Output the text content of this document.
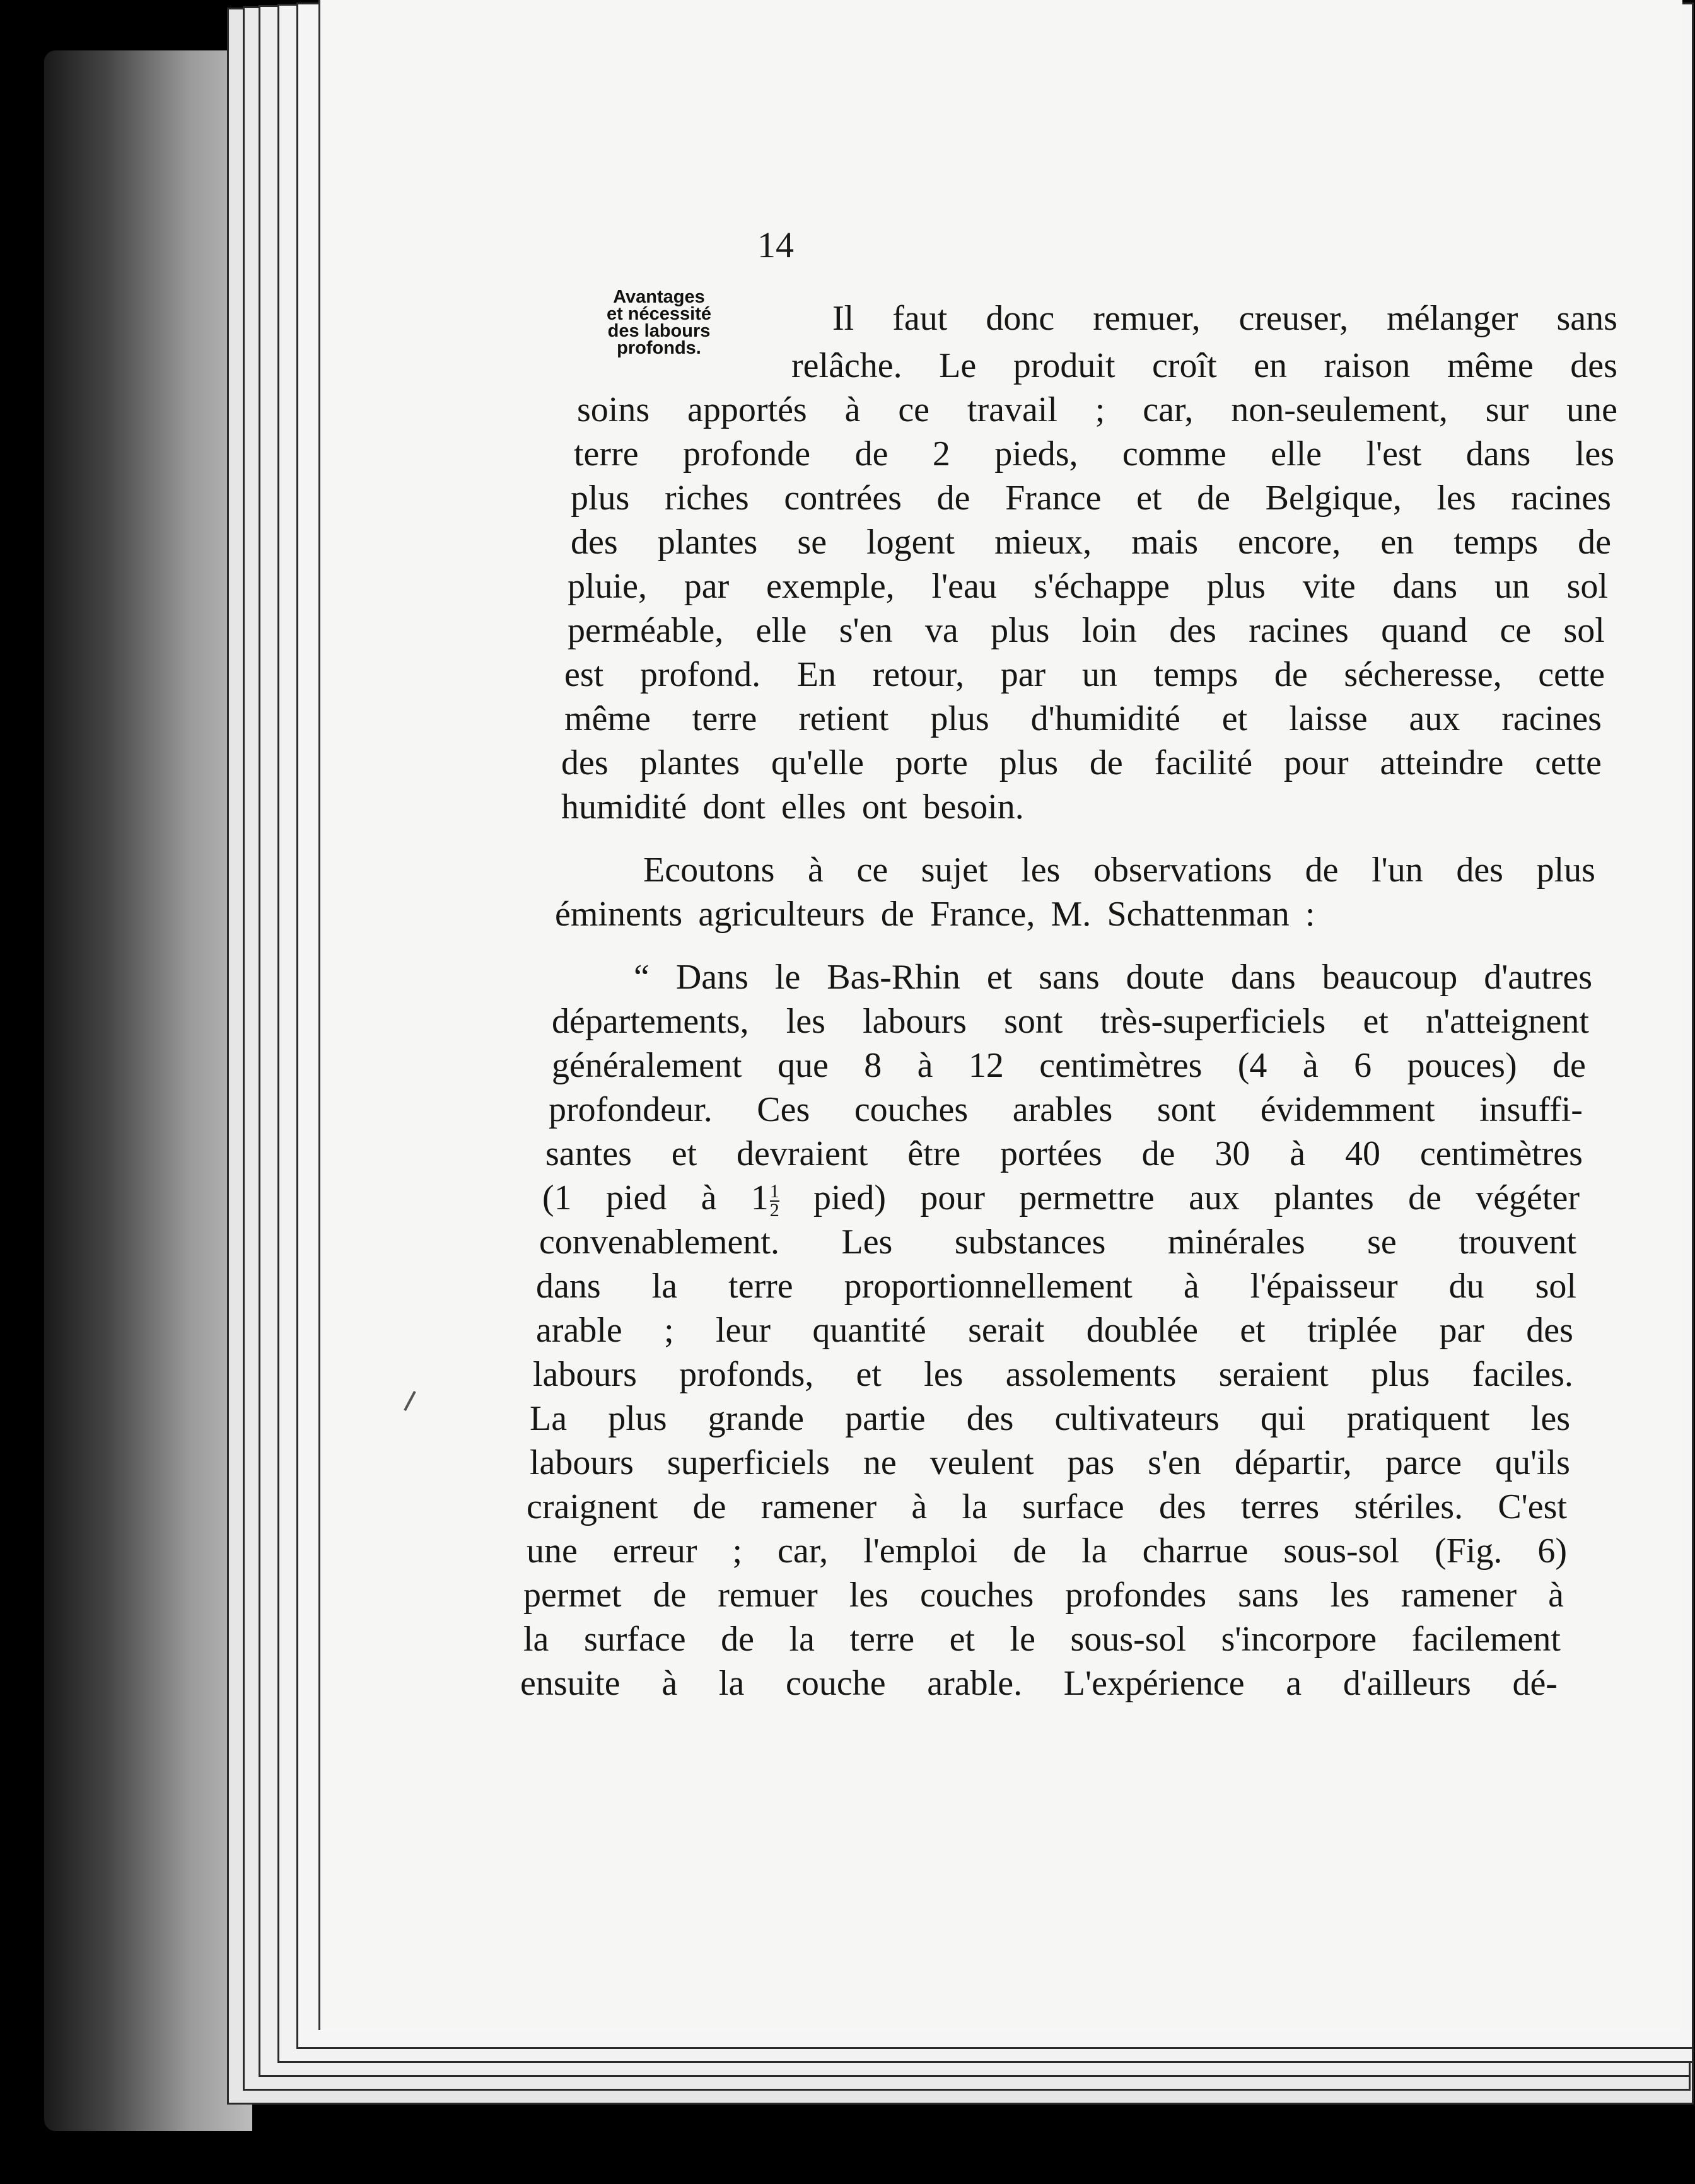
14
Avantages
et nécessité
des labours
profonds.
Il faut donc remuer, creuser, mélanger sans
relâche. Le produit croît en raison même des
soins apportés à ce travail ; car, non-seulement, sur une
terre profonde de 2 pieds, comme elle l'est dans les
plus riches contrées de France et de Belgique, les racines
des plantes se logent mieux, mais encore, en temps de
pluie, par exemple, l'eau s'échappe plus vite dans un sol
perméable, elle s'en va plus loin des racines quand ce sol
est profond. En retour, par un temps de sécheresse, cette
même terre retient plus d'humidité et laisse aux racines
des plantes qu'elle porte plus de facilité pour atteindre cette
humidité dont elles ont besoin.
Ecoutons à ce sujet les observations de l'un des plus
éminents agriculteurs de France, M. Schattenman :
“ Dans le Bas-Rhin et sans doute dans beaucoup d'autres
départements, les labours sont très-superficiels et n'atteignent
généralement que 8 à 12 centimètres (4 à 6 pouces) de
profondeur. Ces couches arables sont évidemment insuffi-
santes et devraient être portées de 30 à 40 centimètres
(1 pied à $1 \frac{1}{2}$ pied) pour permettre aux plantes de végéter
convenablement. Les substances minérales se trouvent
dans la terre proportionnellement à l'épaisseur du sol
arable ; leur quantité serait doublée et triplée par des
labours profonds, et les assolements seraient plus faciles.
La plus grande partie des cultivateurs qui pratiquent les
labours superficiels ne veulent pas s'en départir, parce qu'ils
craignent de ramener à la surface des terres stériles. C'est
une erreur ; car, l'emploi de la charrue sous-sol (Fig. 6)
permet de remuer les couches profondes sans les ramener à
la surface de la terre et le sous-sol s'incorpore facilement
ensuite à la couche arable. L'expérience a d'ailleurs dé-
